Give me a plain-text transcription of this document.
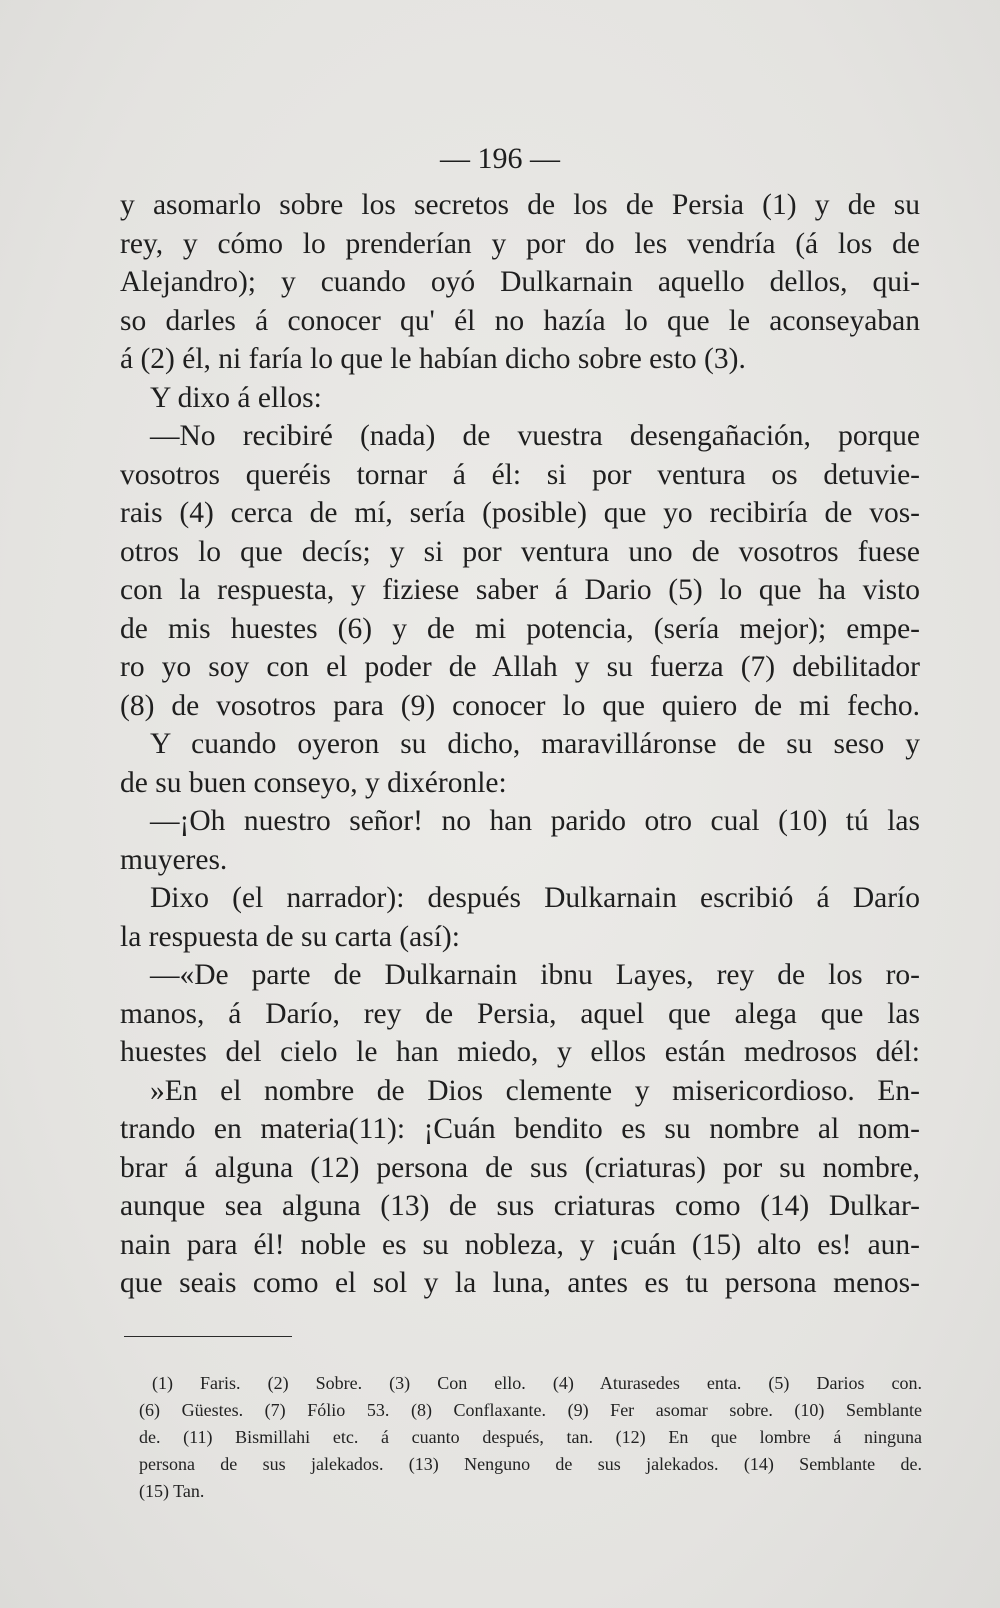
— 196 —
y asomarlo sobre los secretos de los de Persia (1) y de su
rey, y cómo lo prenderían y por do les vendría (á los de
Alejandro); y cuando oyó Dulkarnain aquello dellos, qui-
so darles á conocer qu' él no hazía lo que le aconseyaban
á (2) él, ni faría lo que le habían dicho sobre esto (3).
Y dixo á ellos:
—No recibiré (nada) de vuestra desengañación, porque
vosotros queréis tornar á él: si por ventura os detuvie-
rais (4) cerca de mí, sería (posible) que yo recibiría de vos-
otros lo que decís; y si por ventura uno de vosotros fuese
con la respuesta, y fiziese saber á Dario (5) lo que ha visto
de mis huestes (6) y de mi potencia, (sería mejor); empe-
ro yo soy con el poder de Allah y su fuerza (7) debilitador
(8) de vosotros para (9) conocer lo que quiero de mi fecho.
Y cuando oyeron su dicho, maravilláronse de su seso y
de su buen conseyo, y dixéronle:
—¡Oh nuestro señor! no han parido otro cual (10) tú las
muyeres.
Dixo (el narrador): después Dulkarnain escribió á Darío
la respuesta de su carta (así):
—«De parte de Dulkarnain ibnu Layes, rey de los ro-
manos, á Darío, rey de Persia, aquel que alega que las
huestes del cielo le han miedo, y ellos están medrosos dél:
»En el nombre de Dios clemente y misericordioso. En-
trando en materia(11): ¡Cuán bendito es su nombre al nom-
brar á alguna (12) persona de sus (criaturas) por su nombre,
aunque sea alguna (13) de sus criaturas como (14) Dulkar-
nain para él! noble es su nobleza, y ¡cuán (15) alto es! aun-
que seais como el sol y la luna, antes es tu persona menos-
(1) Faris. (2) Sobre. (3) Con ello. (4) Aturasedes enta. (5) Darios con.
(6) Güestes. (7) Fólio 53. (8) Conflaxante. (9) Fer asomar sobre. (10) Semblante
de. (11) Bismillahi etc. á cuanto después, tan. (12) En que lombre á ninguna
persona de sus jalekados. (13) Nenguno de sus jalekados. (14) Semblante de.
(15) Tan.
